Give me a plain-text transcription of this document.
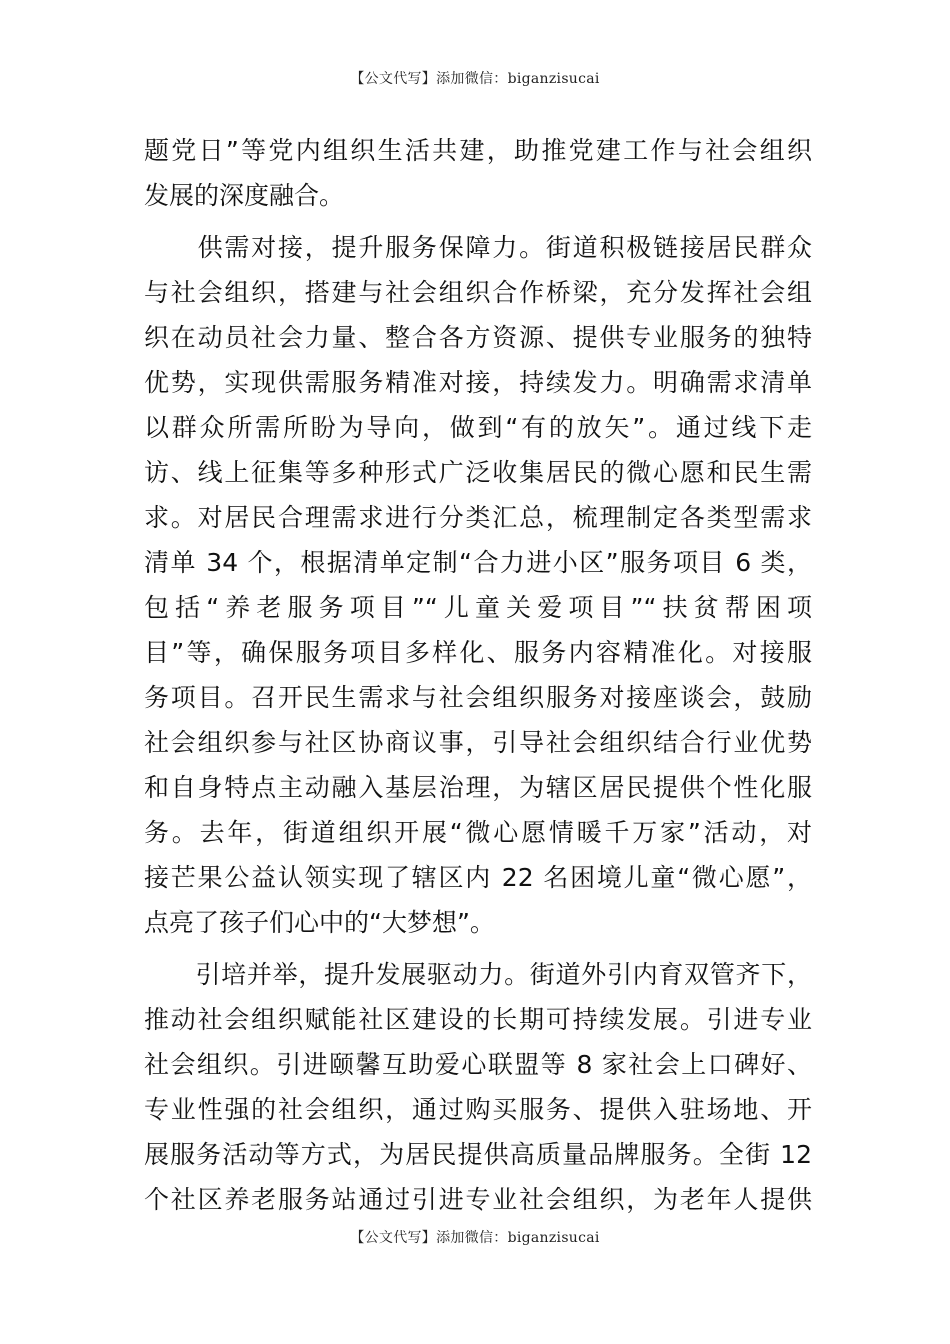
【公文代写】添加微信：biganzisucai

题党日”等党内组织生活共建，助推党建工作与社会组织
发展的深度融合。

　　供需对接，提升服务保障力。街道积极链接居民群众
与社会组织，搭建与社会组织合作桥梁，充分发挥社会组
织在动员社会力量、整合各方资源、提供专业服务的独特
优势，实现供需服务精准对接，持续发力。明确需求清单
以群众所需所盼为导向，做到“有的放矢”。通过线下走
访、线上征集等多种形式广泛收集居民的微心愿和民生需
求。对居民合理需求进行分类汇总，梳理制定各类型需求
清单 34 个，根据清单定制“合力进小区”服务项目 6 类，
包括“养老服务项目”“儿童关爱项目”“扶贫帮困项
目”等，确保服务项目多样化、服务内容精准化。对接服
务项目。召开民生需求与社会组织服务对接座谈会，鼓励
社会组织参与社区协商议事，引导社会组织结合行业优势
和自身特点主动融入基层治理，为辖区居民提供个性化服
务。去年，街道组织开展“微心愿情暖千万家”活动，对
接芒果公益认领实现了辖区内 22 名困境儿童“微心愿”，
点亮了孩子们心中的“大梦想”。

　　引培并举，提升发展驱动力。街道外引内育双管齐下，
推动社会组织赋能社区建设的长期可持续发展。引进专业
社会组织。引进颐馨互助爱心联盟等 8 家社会上口碑好、
专业性强的社会组织，通过购买服务、提供入驻场地、开
展服务活动等方式，为居民提供高质量品牌服务。全街 12
个社区养老服务站通过引进专业社会组织，为老年人提供

【公文代写】添加微信：biganzisucai
